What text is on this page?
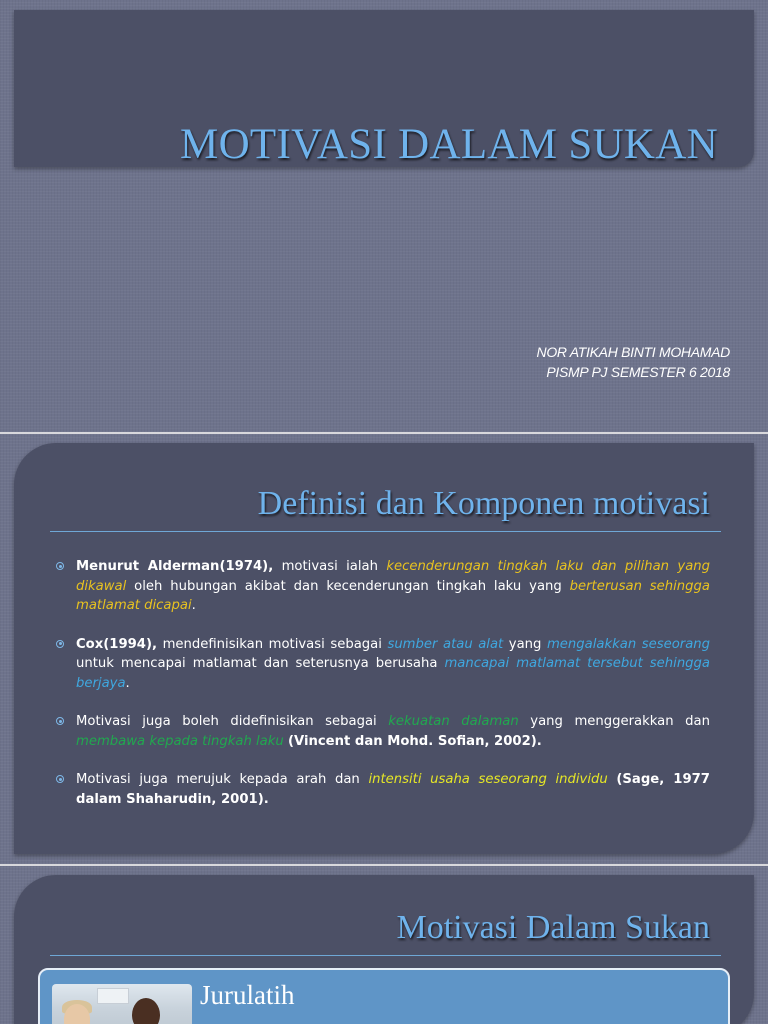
MOTIVASI DALAM SUKAN
NOR ATIKAH BINTI MOHAMAD
PISMP PJ SEMESTER 6 2018
Definisi dan Komponen motivasi
Menurut Alderman(1974), motivasi ialah kecenderungan tingkah laku dan pilihan yang dikawal oleh hubungan akibat dan kecenderungan tingkah laku yang berterusan sehingga matlamat dicapai.
Cox(1994), mendefinisikan motivasi sebagai sumber atau alat yang mengalakkan seseorang untuk mencapai matlamat dan seterusnya berusaha mancapai matlamat tersebut sehingga berjaya.
Motivasi juga boleh didefinisikan sebagai kekuatan dalaman yang menggerakkan dan membawa kepada tingkah laku (Vincent dan Mohd. Sofian, 2002).
Motivasi juga merujuk kepada arah dan intensiti usaha seseorang individu (Sage, 1977 dalam Shaharudin, 2001).
Motivasi Dalam Sukan
Jurulatih
